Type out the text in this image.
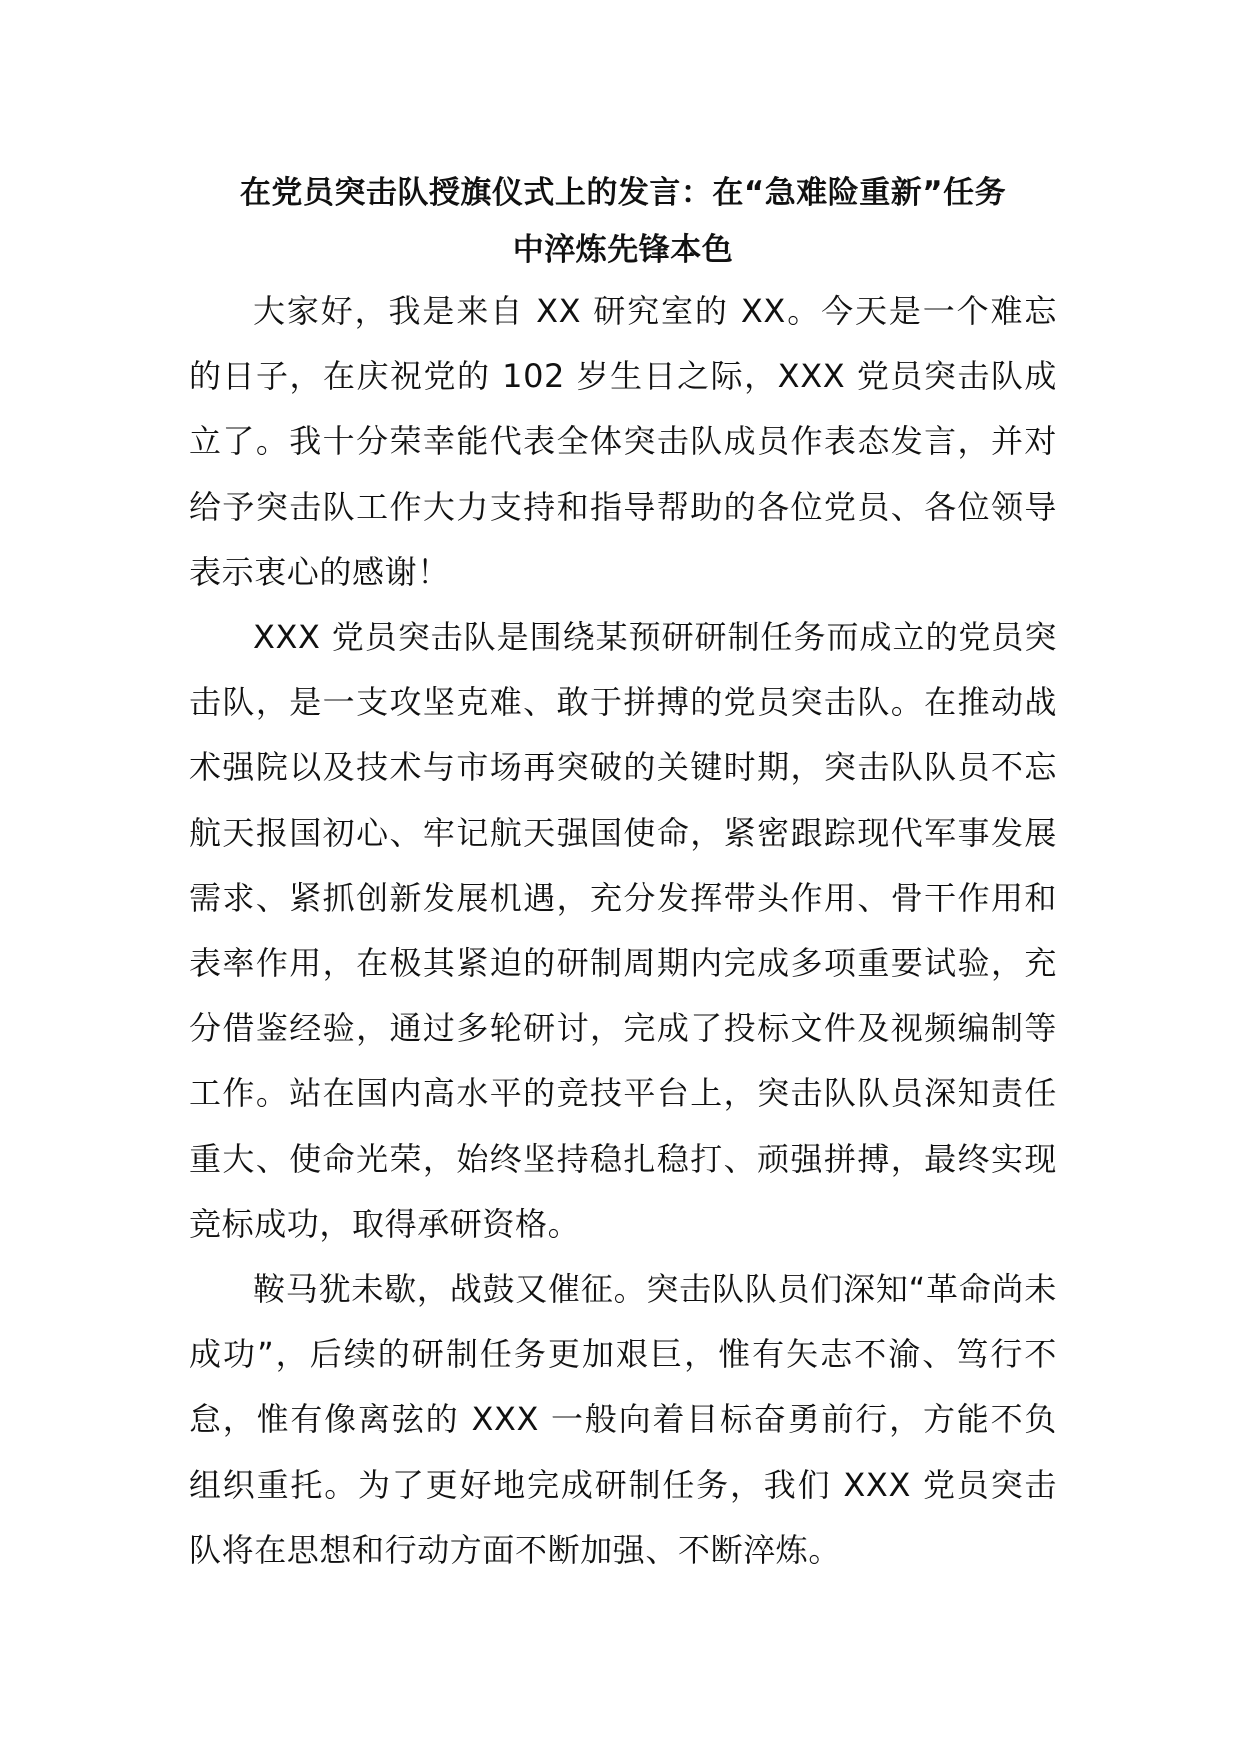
在党员突击队授旗仪式上的发言：在“急难险重新”任务
中淬炼先锋本色

大家好，我是来自 XX 研究室的 XX。今天是一个难忘的日子，在庆祝党的 102 岁生日之际，XXX 党员突击队成立了。我十分荣幸能代表全体突击队成员作表态发言，并对给予突击队工作大力支持和指导帮助的各位党员、各位领导表示衷心的感谢！

XXX 党员突击队是围绕某预研研制任务而成立的党员突击队，是一支攻坚克难、敢于拼搏的党员突击队。在推动战术强院以及技术与市场再突破的关键时期，突击队队员不忘航天报国初心、牢记航天强国使命，紧密跟踪现代军事发展需求、紧抓创新发展机遇，充分发挥带头作用、骨干作用和表率作用，在极其紧迫的研制周期内完成多项重要试验，充分借鉴经验，通过多轮研讨，完成了投标文件及视频编制等工作。站在国内高水平的竞技平台上，突击队队员深知责任重大、使命光荣，始终坚持稳扎稳打、顽强拼搏，最终实现竞标成功，取得承研资格。

鞍马犹未歇，战鼓又催征。突击队队员们深知“革命尚未成功”，后续的研制任务更加艰巨，惟有矢志不渝、笃行不怠，惟有像离弦的 XXX 一般向着目标奋勇前行，方能不负组织重托。为了更好地完成研制任务，我们 XXX 党员突击队将在思想和行动方面不断加强、不断淬炼。
